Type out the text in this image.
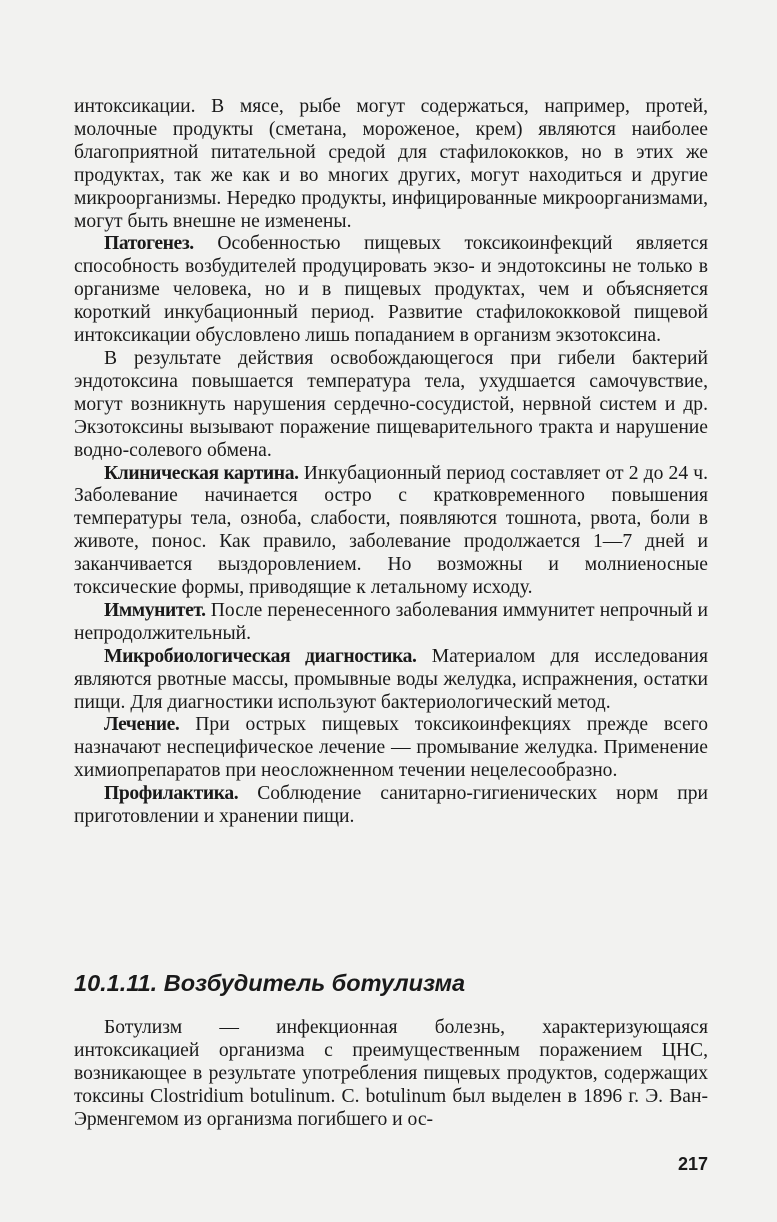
интоксикации. В мясе, рыбе могут содержаться, например, протей, молочные продукты (сметана, мороженое, крем) являются наиболее благоприятной питательной средой для стафилококков, но в этих же продуктах, так же как и во многих других, могут находиться и другие микроорганизмы. Нередко продукты, инфицированные микроорганизмами, могут быть внешне не изменены.

Патогенез. Особенностью пищевых токсикоинфекций является способность возбудителей продуцировать экзо- и эндотоксины не только в организме человека, но и в пищевых продуктах, чем и объясняется короткий инкубационный период. Развитие стафилококковой пищевой интоксикации обусловлено лишь попаданием в организм экзотоксина.

В результате действия освобождающегося при гибели бактерий эндотоксина повышается температура тела, ухудшается самочувствие, могут возникнуть нарушения сердечно-сосудистой, нервной систем и др. Экзотоксины вызывают поражение пищеварительного тракта и нарушение водно-солевого обмена.

Клиническая картина. Инкубационный период составляет от 2 до 24 ч. Заболевание начинается остро с кратковременного повышения температуры тела, озноба, слабости, появляются тошнота, рвота, боли в животе, понос. Как правило, заболевание продолжается 1—7 дней и заканчивается выздоровлением. Но возможны и молниеносные токсические формы, приводящие к летальному исходу.

Иммунитет. После перенесенного заболевания иммунитет непрочный и непродолжительный.

Микробиологическая диагностика. Материалом для исследования являются рвотные массы, промывные воды желудка, испражнения, остатки пищи. Для диагностики используют бактериологический метод.

Лечение. При острых пищевых токсикоинфекциях прежде всего назначают неспецифическое лечение — промывание желудка. Применение химиопрепаратов при неосложненном течении нецелесообразно.

Профилактика. Соблюдение санитарно-гигиенических норм при приготовлении и хранении пищи.

10.1.11. Возбудитель ботулизма

Ботулизм — инфекционная болезнь, характеризующаяся интоксикацией организма с преимущественным поражением ЦНС, возникающее в результате употребления пищевых продуктов, содержащих токсины Clostridium botulinum. C. botulinum был выделен в 1896 г. Э. Ван-Эрменгемом из организма погибшего и ос-

217
